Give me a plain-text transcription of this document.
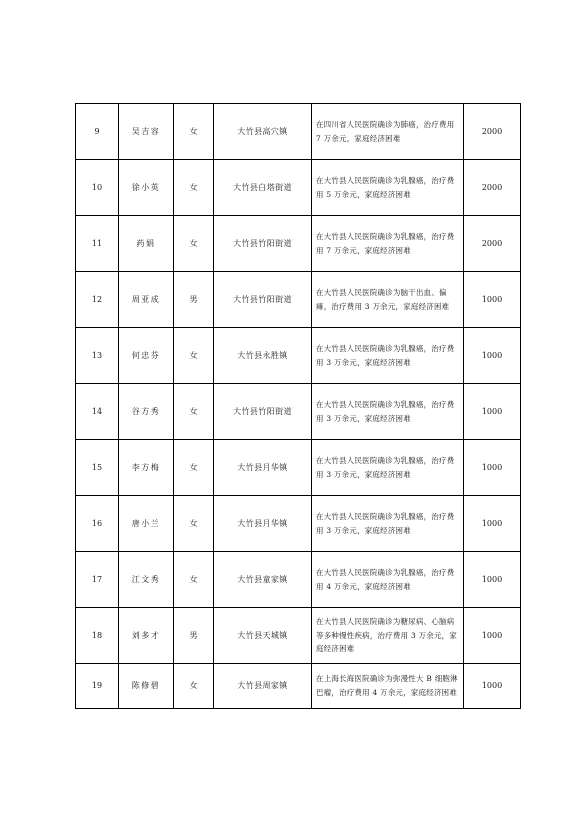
9	吴吉容	女	大竹县高穴镇	在四川省人民医院确诊为肺癌，治疗费用 7 万余元，家庭经济困难	2000
10	徐小英	女	大竹县白塔街道	在大竹县人民医院确诊为乳腺癌，治疗费用 5 万余元，家庭经济困难	2000
11	药娟	女	大竹县竹阳街道	在大竹县人民医院确诊为乳腺癌，治疗费用 7 万余元，家庭经济困难	2000
12	周亚成	男	大竹县竹阳街道	在大竹县人民医院确诊为脑干出血、偏瘫，治疗费用 3 万余元，家庭经济困难	1000
13	何忠芬	女	大竹县永胜镇	在大竹县人民医院确诊为乳腺癌，治疗费用 3 万余元，家庭经济困难	1000
14	谷方秀	女	大竹县竹阳街道	在大竹县人民医院确诊为乳腺癌，治疗费用 3 万余元，家庭经济困难	1000
15	李方梅	女	大竹县月华镇	在大竹县人民医院确诊为乳腺癌，治疗费用 3 万余元，家庭经济困难	1000
16	唐小兰	女	大竹县月华镇	在大竹县人民医院确诊为乳腺癌，治疗费用 3 万余元，家庭经济困难	1000
17	江文秀	女	大竹县童家镇	在大竹县人民医院确诊为乳腺癌，治疗费用 4 万余元，家庭经济困难	1000
18	刘多才	男	大竹县天城镇	在大竹县人民医院确诊为糖尿病、心脑病等多种慢性疾病，治疗费用 3 万余元，家庭经济困难	1000
19	陈修碧	女	大竹县周家镇	在上海长海医院确诊为弥漫性大 B 细胞淋巴瘤，治疗费用 4 万余元，家庭经济困难	1000
